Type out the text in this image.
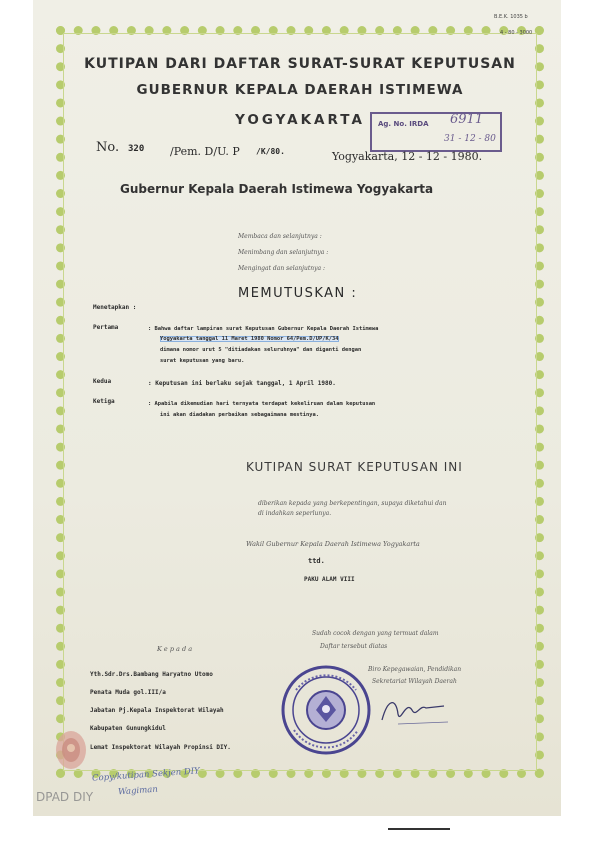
B.E.K. 1035 b
4 - 80 - 3000
KUTIPAN DARI DAFTAR SURAT-SURAT KEPUTUSAN
GUBERNUR KEPALA DAERAH ISTIMEWA
YOGYAKARTA	Ag. No. IRDA 6911
31 - 12 - 80
No. 320 /Pem. D/U. P /K/80.	Yogyakarta, 12 - 12 - 1980.
Gubernur Kepala Daerah Istimewa Yogyakarta
Membaca dan selanjutnya :
Menimbang dan selanjutnya :
Mengingat dan selanjutnya :
MEMUTUSKAN :
Menetapkan :
Pertama	: Bahwa daftar lampiran surat Keputusan Gubernur Kepala Daerah Istimewa
Yogyakarta tanggal 11 Maret 1980 Nomor 64/Pem.D/UP/K/34
dimana nomor urut 5 "ditiadakan seluruhnya" dan diganti dengan
surat keputusan yang baru.
Kedua	: Keputusan ini berlaku sejak tanggal, 1 April 1980.
Ketiga	: Apabila dikemudian hari ternyata terdapat kekeliruan dalam keputusan
ini akan diadakan perbaikan sebagaimana mestinya.
KUTIPAN SURAT KEPUTUSAN INI
diberikan kepada yang berkepentingan, supaya diketahui dan
di indahkan seperlunya.
Wakil Gubernur Kepala Daerah Istimewa Yogyakarta
ttd.
PAKU ALAM VIII
K e p a d a
Yth.Sdr.Drs.Bambang Haryatno Utomo
Penata Muda gol.III/a
Jabatan Pj.Kepala Inspektorat Wilayah
Kabupaten Gunungkidul
Lemat Inspektorat Wilayah Propinsi DIY.
Sudah cocok dengan yang termuat dalam
Daftar tersebut diatas
Biro Kepegawaian, Pendidikan
Sekretariat Wilayah Daerah
Copy/kutipan Sekjen DIY
Wagiman
DPAD DIY
